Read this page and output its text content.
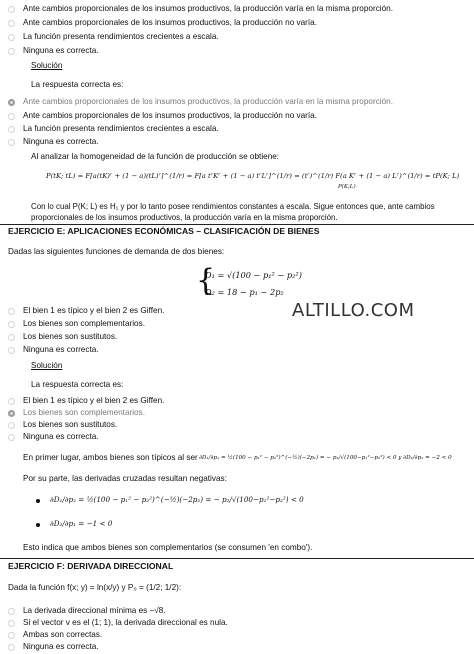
Ante cambios proporcionales de los insumos productivos, la producción varía en la misma proporción.
Ante cambios proporcionales de los insumos productivos, la producción no varía.
La función presenta rendimientos crecientes a escala.
Ninguna es correcta.
Solución
La respuesta correcta es:
Ante cambios proporcionales de los insumos productivos, la producción varía en la misma proporción.
Ante cambios proporcionales de los insumos productivos, la producción no varía.
La función presenta rendimientos crecientes a escala.
Ninguna es correcta.
Al analizar la homogeneidad de la función de producción se obtiene:
P(tK; tL) = F[a(tK)ʳ + (1 − a)(tL)ʳ]^(1/r) = F[a tʳKʳ + (1 − a) tʳLʳ]^(1/r) = (tʳ)^(1/r) F(a Kʳ + (1 − a) Lʳ)^(1/r) = tP(K; L)
P(K;L)
Con lo cual P(K; L) es H₁ y por lo tanto posee rendimientos constantes a escala. Sigue entonces que, ante cambios
proporcionales de los insumos productivos, la producción varía en la misma proporción.
EJERCICIO E: APLICACIONES ECONÓMICAS – CLASIFICACIÓN DE BIENES
Dadas las siguientes funciones de demanda de dos bienes:
{
D₁ = √(100 − p₁² − p₂²)
D₂ = 18 − p₁ − 2p₂
ALTILLO.COM
El bien 1 es típico y el bien 2 es Giffen.
Los bienes son complementarios.
Los bienes son sustitutos.
Ninguna es correcta.
Solución
La respuesta correcta es:
El bien 1 es típico y el bien 2 es Giffen.
Los bienes son complementarios.
Los bienes son sustitutos.
Ninguna es correcta.
En primer lugar, ambos bienes son típicos al ser ∂D₁/∂p₁ = ½(100 − p₁² − p₂²)^(−½)(−2p₁) = − p₁/√(100−p₁²−p₂²) < 0 y ∂D₂/∂p₂ = −2 < 0
Por su parte, las derivadas cruzadas resultan negativas:
∂D₁/∂p₂ = ½(100 − p₁² − p₂²)^(−½)(−2p₂) = − p₂/√(100−p₁²−p₂²) < 0
∂D₂/∂p₁ = −1 < 0
Esto indica que ambos bienes son complementarios (se consumen 'en combo').
EJERCICIO F: DERIVADA DIRECCIONAL
Dada la función f(x; y) = ln(x/y) y P₀ = (1/2; 1/2):
La derivada direccional mínima es −√8.
Si el vector v es el (1; 1), la derivada direccional es nula.
Ambas son correctas.
Ninguna es correcta.
